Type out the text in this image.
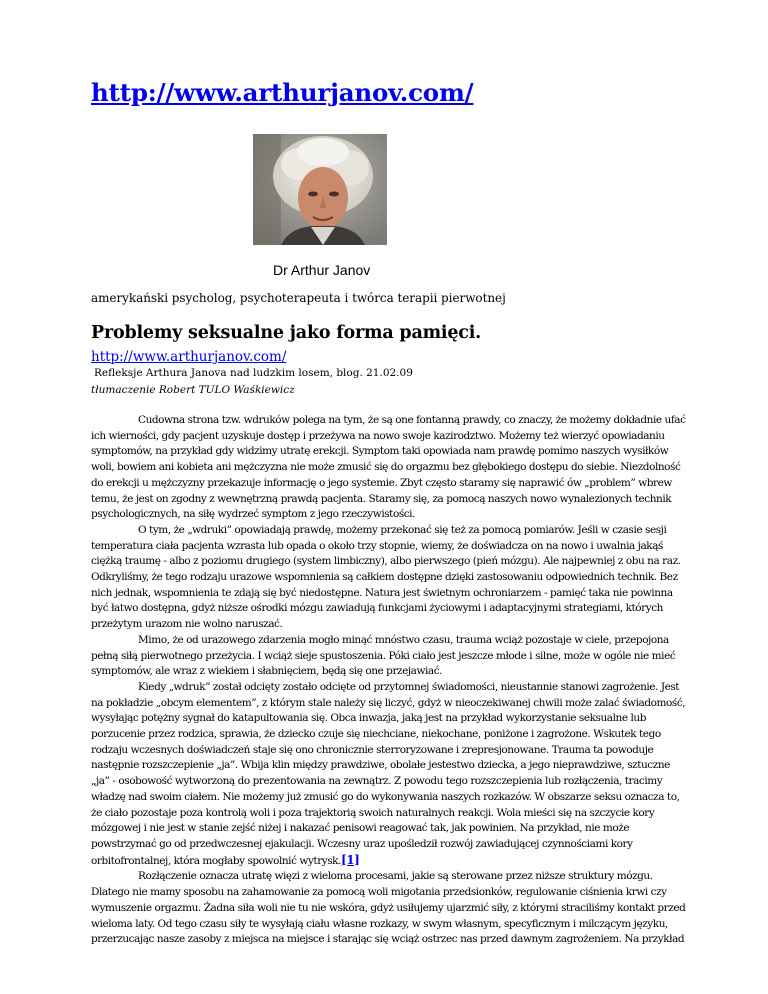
http://www.arthurjanov.com/
Dr Arthur Janov
amerykański psycholog, psychoterapeuta i twórca terapii pierwotnej
Problemy seksualne jako forma pamięci.
http://www.arthurjanov.com/
Refleksje Arthura Janova nad ludzkim losem, blog. 21.02.09
tłumaczenie Robert TULO Waśkiewicz

Cudowna strona tzw. wdruków polega na tym, że są one fontanną prawdy, co znaczy, że możemy dokładnie ufać ich wierności, gdy pacjent uzyskuje dostęp i przeżywa na nowo swoje kazirodztwo. Możemy też wierzyć opowiadaniu symptomów, na przykład gdy widzimy utratę erekcji. Symptom taki opowiada nam prawdę pomimo naszych wysiłków woli, bowiem ani kobieta ani mężczyzna nie może zmusić się do orgazmu bez głębokiego dostępu do siebie. Niezdolność do erekcji u mężczyzny przekazuje informację o jego systemie. Zbyt często staramy się naprawić ów „problem” wbrew temu, że jest on zgodny z wewnętrzną prawdą pacjenta. Staramy się, za pomocą naszych nowo wynalezionych technik psychologicznych, na siłę wydrzeć symptom z jego rzeczywistości.

O tym, że „wdruki” opowiadają prawdę, możemy przekonać się też za pomocą pomiarów. Jeśli w czasie sesji temperatura ciała pacjenta wzrasta lub opada o około trzy stopnie, wiemy, że doświadcza on na nowo i uwalnia jakąś ciężką traumę - albo z poziomu drugiego (system limbiczny), albo pierwszego (pień mózgu). Ale najpewniej z obu na raz. Odkryliśmy, że tego rodzaju urazowe wspomnienia są całkiem dostępne dzięki zastosowaniu odpowiednich technik. Bez nich jednak, wspomnienia te zdają się być niedostępne. Natura jest świetnym ochroniarzem - pamięć taka nie powinna być łatwo dostępna, gdyż niższe ośrodki mózgu zawiadują funkcjami życiowymi i adaptacyjnymi strategiami, których przeżytym urazom nie wolno naruszać.

Mimo, że od urazowego zdarzenia mogło minąć mnóstwo czasu, trauma wciąż pozostaje w ciele, przepojona pełną siłą pierwotnego przeżycia. I wciąż sieje spustoszenia. Póki ciało jest jeszcze młode i silne, może w ogóle nie mieć symptomów, ale wraz z wiekiem i słabnięciem, będą się one przejawiać.

Kiedy „wdruk” został odcięty zostało odcięte od przytomnej świadomości, nieustannie stanowi zagrożenie. Jest na pokładzie „obcym elementem”, z którym stale należy się liczyć, gdyż w nieoczekiwanej chwili może zalać świadomość, wysyłając potężny sygnał do katapultowania się. Obca inwazja, jaką jest na przykład wykorzystanie seksualne lub porzucenie przez rodzica, sprawia, że dziecko czuje się niechciane, niekochane, poniżone i zagrożone. Wskutek tego rodzaju wczesnych doświadczeń staje się ono chronicznie sterroryzowane i zrepresjonowane. Trauma ta powoduje następnie rozszczepienie „ja”. Wbija klin między prawdziwe, obolałe jestestwo dziecka, a jego nieprawdziwe, sztuczne „ja” - osobowość wytworzoną do prezentowania na zewnątrz. Z powodu tego rozszczepienia lub rozłączenia, tracimy władzę nad swoim ciałem. Nie możemy już zmusić go do wykonywania naszych rozkazów. W obszarze seksu oznacza to, że ciało pozostaje poza kontrolą woli i poza trajektorią swoich naturalnych reakcji. Wola mieści się na szczycie kory mózgowej i nie jest w stanie zejść niżej i nakazać penisowi reagować tak, jak powinien. Na przykład, nie może powstrzymać go od przedwczesnej ejakulacji. Wczesny uraz upośledził rozwój zawiadującej czynnościami kory orbitofrontalnej, która mogłaby spowolnić wytrysk.[1]

Rozłączenie oznacza utratę więzi z wieloma procesami, jakie są sterowane przez niższe struktury mózgu. Dlatego nie mamy sposobu na zahamowanie za pomocą woli migotania przedsionków, regulowanie ciśnienia krwi czy wymuszenie orgazmu. Żadna siła woli nie tu nie wskóra, gdyż usiłujemy ujarzmić siły, z którymi straciliśmy kontakt przed wieloma laty. Od tego czasu siły te wysyłają ciału własne rozkazy, w swym własnym, specyficznym i milczącym języku, przerzucając nasze zasoby z miejsca na miejsce i starając się wciąż ostrzec nas przed dawnym zagrożeniem. Na przykład
